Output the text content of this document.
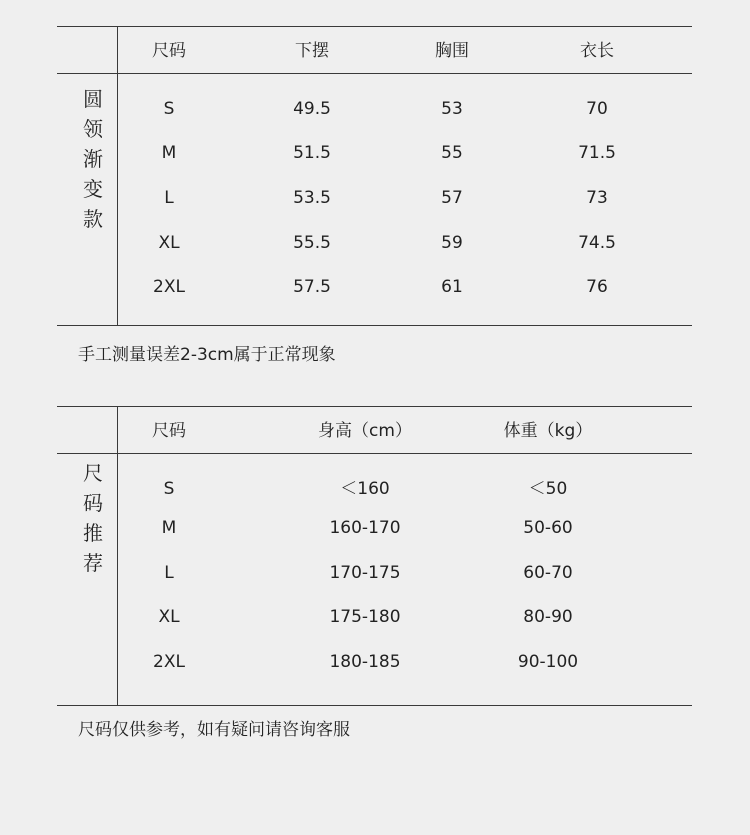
尺码	下摆	胸围	衣长
圆领渐变款
S	49.5	53	70
M	51.5	55	71.5
L	53.5	57	73
XL	55.5	59	74.5
2XL	57.5	61	76
手工测量误差2-3cm属于正常现象
尺码	身高（cm）	体重（kg）
尺码推荐
S	＜160	＜50
M	160-170	50-60
L	170-175	60-70
XL	175-180	80-90
2XL	180-185	90-100
尺码仅供参考，如有疑问请咨询客服
